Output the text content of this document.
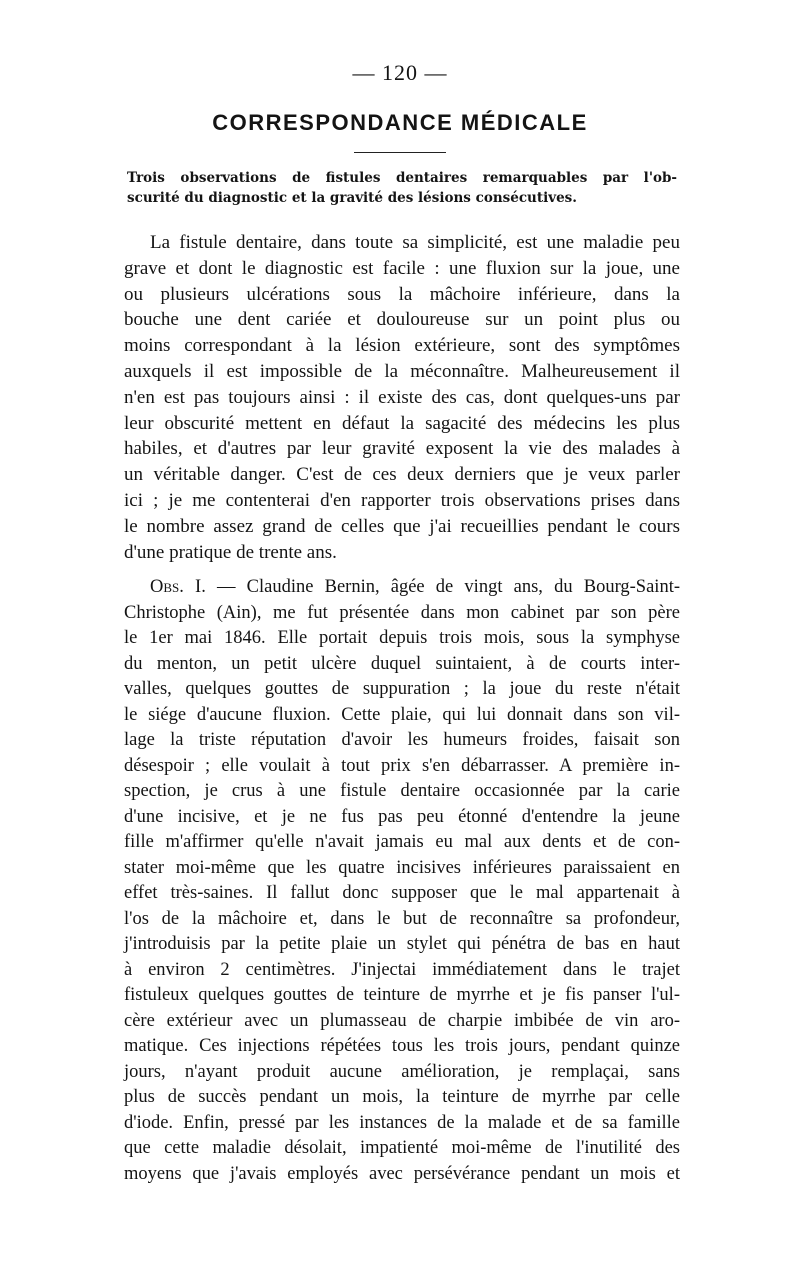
— 120 —
CORRESPONDANCE MÉDICALE
Trois observations de fistules dentaires remarquables par l'ob-
scurité du diagnostic et la gravité des lésions consécutives.
La fistule dentaire, dans toute sa simplicité, est une maladie peu
grave et dont le diagnostic est facile : une fluxion sur la joue, une
ou plusieurs ulcérations sous la mâchoire inférieure, dans la
bouche une dent cariée et douloureuse sur un point plus ou
moins correspondant à la lésion extérieure, sont des symptômes
auxquels il est impossible de la méconnaître. Malheureusement il
n'en est pas toujours ainsi : il existe des cas, dont quelques-uns par
leur obscurité mettent en défaut la sagacité des médecins les plus
habiles, et d'autres par leur gravité exposent la vie des malades à
un véritable danger. C'est de ces deux derniers que je veux parler
ici ; je me contenterai d'en rapporter trois observations prises dans
le nombre assez grand de celles que j'ai recueillies pendant le cours
d'une pratique de trente ans.
Obs. I. — Claudine Bernin, âgée de vingt ans, du Bourg-Saint-
Christophe (Ain), me fut présentée dans mon cabinet par son père
le 1er mai 1846. Elle portait depuis trois mois, sous la symphyse
du menton, un petit ulcère duquel suintaient, à de courts inter-
valles, quelques gouttes de suppuration ; la joue du reste n'était
le siége d'aucune fluxion. Cette plaie, qui lui donnait dans son vil-
lage la triste réputation d'avoir les humeurs froides, faisait son
désespoir ; elle voulait à tout prix s'en débarrasser. A première in-
spection, je crus à une fistule dentaire occasionnée par la carie
d'une incisive, et je ne fus pas peu étonné d'entendre la jeune
fille m'affirmer qu'elle n'avait jamais eu mal aux dents et de con-
stater moi-même que les quatre incisives inférieures paraissaient en
effet très-saines. Il fallut donc supposer que le mal appartenait à
l'os de la mâchoire et, dans le but de reconnaître sa profondeur,
j'introduisis par la petite plaie un stylet qui pénétra de bas en haut
à environ 2 centimètres. J'injectai immédiatement dans le trajet
fistuleux quelques gouttes de teinture de myrrhe et je fis panser l'ul-
cère extérieur avec un plumasseau de charpie imbibée de vin aro-
matique. Ces injections répétées tous les trois jours, pendant quinze
jours, n'ayant produit aucune amélioration, je remplaçai, sans
plus de succès pendant un mois, la teinture de myrrhe par celle
d'iode. Enfin, pressé par les instances de la malade et de sa famille
que cette maladie désolait, impatienté moi-même de l'inutilité des
moyens que j'avais employés avec persévérance pendant un mois et
